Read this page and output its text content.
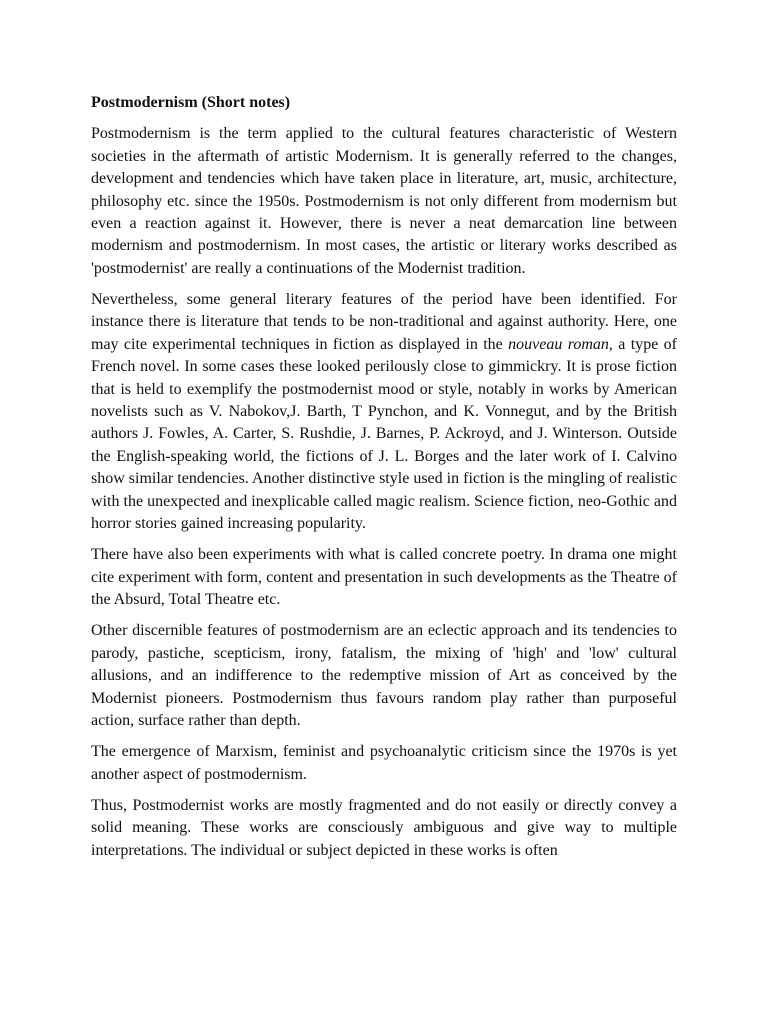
Postmodernism (Short notes)

Postmodernism is the term applied to the cultural features characteristic of Western societies in the aftermath of artistic Modernism. It is generally referred to the changes, development and tendencies which have taken place in literature, art, music, architecture, philosophy etc. since the 1950s. Postmodernism is not only different from modernism but even a reaction against it. However, there is never a neat demarcation line between modernism and postmodernism. In most cases, the artistic or literary works described as 'postmodernist' are really a continuations of the Modernist tradition.

Nevertheless, some general literary features of the period have been identified. For instance there is literature that tends to be non-traditional and against authority. Here, one may cite experimental techniques in fiction as displayed in the nouveau roman, a type of French novel. In some cases these looked perilously close to gimmickry. It is prose fiction that is held to exemplify the postmodernist mood or style, notably in works by American novelists such as V. Nabokov,J. Barth, T Pynchon, and K. Vonnegut, and by the British authors J. Fowles, A. Carter, S. Rushdie, J. Barnes, P. Ackroyd, and J. Winterson. Outside the English-speaking world, the fictions of J. L. Borges and the later work of I. Calvino show similar tendencies. Another distinctive style used in fiction is the mingling of realistic with the unexpected and inexplicable called magic realism. Science fiction, neo-Gothic and horror stories gained increasing popularity.

There have also been experiments with what is called concrete poetry. In drama one might cite experiment with form, content and presentation in such developments as the Theatre of the Absurd, Total Theatre etc.

Other discernible features of postmodernism are an eclectic approach and its tendencies to parody, pastiche, scepticism, irony, fatalism, the mixing of 'high' and 'low' cultural allusions, and an indifference to the redemptive mission of Art as conceived by the Modernist pioneers. Postmodernism thus favours random play rather than purposeful action, surface rather than depth.

The emergence of Marxism, feminist and psychoanalytic criticism since the 1970s is yet another aspect of postmodernism.

Thus, Postmodernist works are mostly fragmented and do not easily or directly convey a solid meaning. These works are consciously ambiguous and give way to multiple interpretations. The individual or subject depicted in these works is often
